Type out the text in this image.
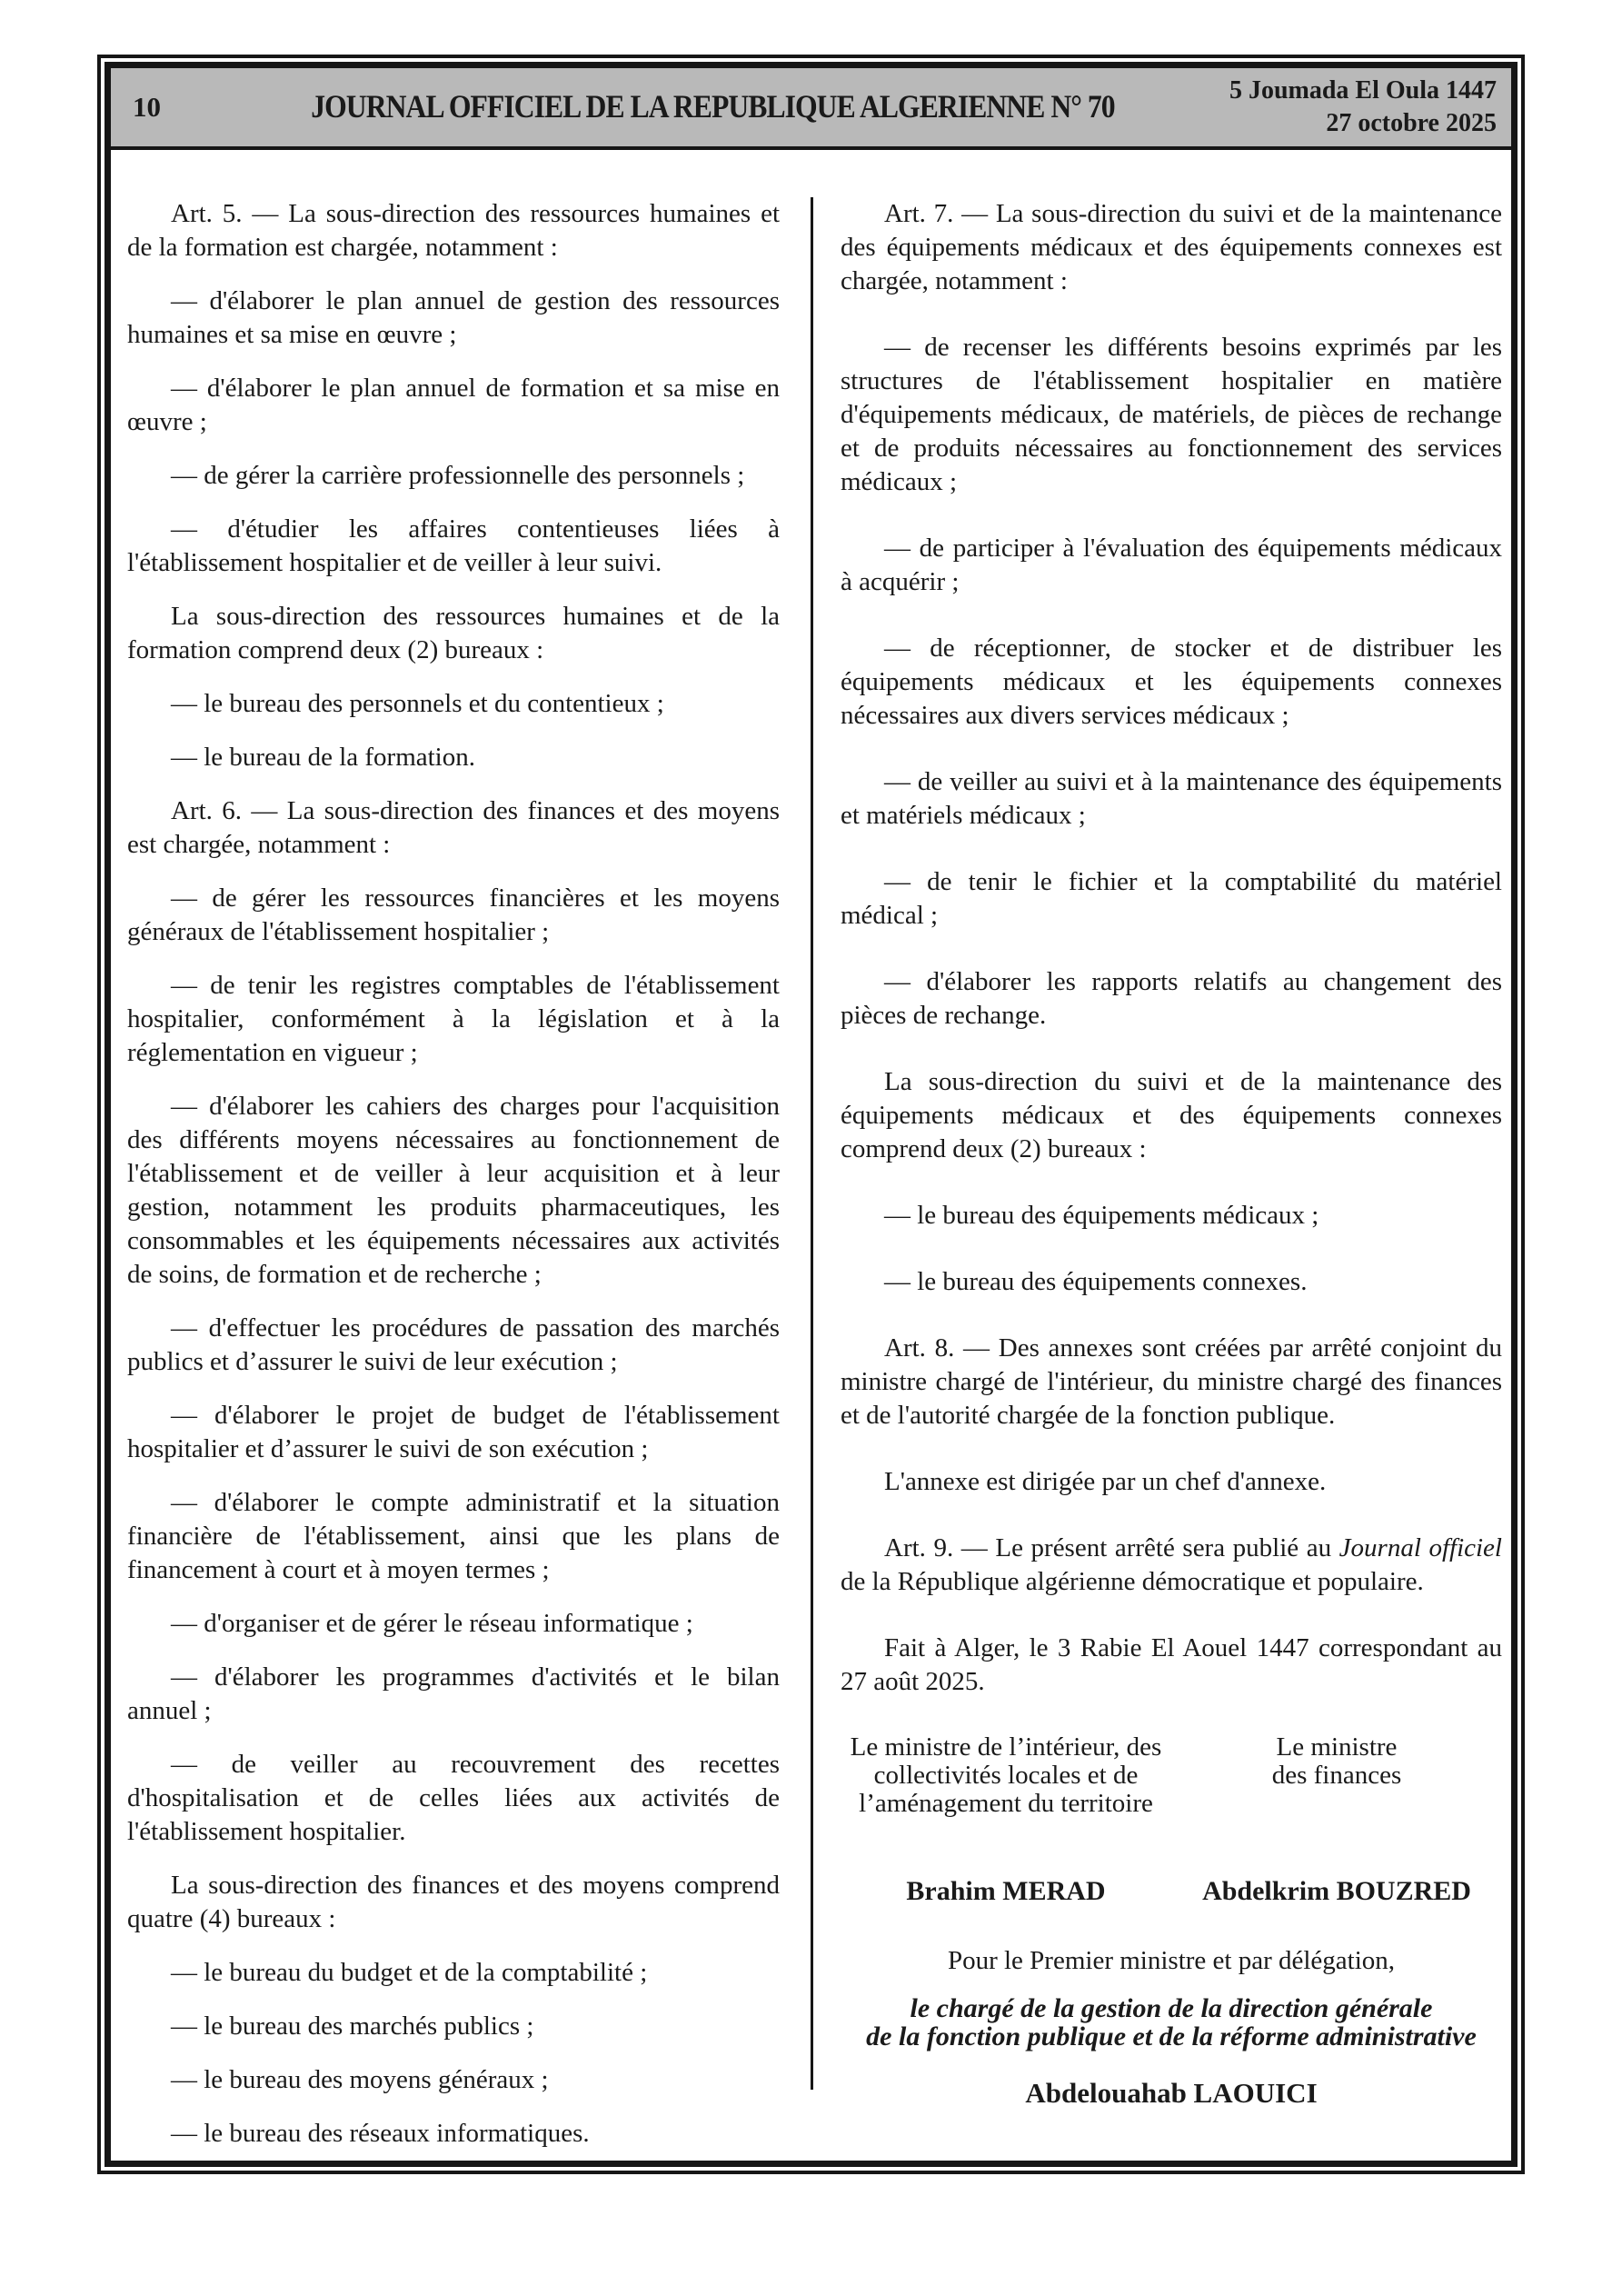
10	JOURNAL OFFICIEL DE LA REPUBLIQUE ALGERIENNE N° 70	5 Joumada El Oula 1447
27 octobre 2025

Art. 5. — La sous-direction des ressources humaines et de la formation est chargée, notamment :

— d'élaborer le plan annuel de gestion des ressources humaines et sa mise en œuvre ;

— d'élaborer le plan annuel de formation et sa mise en œuvre ;

— de gérer la carrière professionnelle des personnels ;

— d'étudier les affaires contentieuses liées à l'établissement hospitalier et de veiller à leur suivi.

La sous-direction des ressources humaines et de la formation comprend deux (2) bureaux :

— le bureau des personnels et du contentieux ;

— le bureau de la formation.

Art. 6. — La sous-direction des finances et des moyens est chargée, notamment :

— de gérer les ressources financières et les moyens généraux de l'établissement hospitalier ;

— de tenir les registres comptables de l'établissement hospitalier, conformément à la législation et à la réglementation en vigueur ;

— d'élaborer les cahiers des charges pour l'acquisition des différents moyens nécessaires au fonctionnement de l'établissement et de veiller à leur acquisition et à leur gestion, notamment les produits pharmaceutiques, les consommables et les équipements nécessaires aux activités de soins, de formation et de recherche ;

— d'effectuer les procédures de passation des marchés publics et d’assurer le suivi de leur exécution ;

— d'élaborer le projet de budget de l'établissement hospitalier et d’assurer le suivi de son exécution ;

— d'élaborer le compte administratif et la situation financière de l'établissement, ainsi que les plans de financement à court et à moyen termes ;

— d'organiser et de gérer le réseau informatique ;

— d'élaborer les programmes d'activités et le bilan annuel ;

— de veiller au recouvrement des recettes d'hospitalisation et de celles liées aux activités de l'établissement hospitalier.

La sous-direction des finances et des moyens comprend quatre (4) bureaux :

— le bureau du budget et de la comptabilité ;

— le bureau des marchés publics ;

— le bureau des moyens généraux ;

— le bureau des réseaux informatiques.

Art. 7. — La sous-direction du suivi et de la maintenance des équipements médicaux et des équipements connexes est chargée, notamment :

— de recenser les différents besoins exprimés par les structures de l'établissement hospitalier en matière d'équipements médicaux, de matériels, de pièces de rechange et de produits nécessaires au fonctionnement des services médicaux ;

— de participer à l'évaluation des équipements médicaux à acquérir ;

— de réceptionner, de stocker et de distribuer les équipements médicaux et les équipements connexes nécessaires aux divers services médicaux ;

— de veiller au suivi et à la maintenance des équipements et matériels médicaux ;

— de tenir le fichier et la comptabilité du matériel médical ;

— d'élaborer les rapports relatifs au changement des pièces de rechange.

La sous-direction du suivi et de la maintenance des équipements médicaux et des équipements connexes comprend deux (2) bureaux :

— le bureau des équipements médicaux ;

— le bureau des équipements connexes.

Art. 8. — Des annexes sont créées par arrêté conjoint du ministre chargé de l'intérieur, du ministre chargé des finances et de l'autorité chargée de la fonction publique.

L'annexe est dirigée par un chef d'annexe.

Art. 9. — Le présent arrêté sera publié au Journal officiel de la République algérienne démocratique et populaire.

Fait à Alger, le 3 Rabie El Aouel 1447 correspondant au 27 août 2025.

Le ministre de l’intérieur, des
collectivités locales et de
l’aménagement du territoire
Le ministre
des finances
Brahim MERAD	Abdelkrim BOUZRED
Pour le Premier ministre et par délégation,
le chargé de la gestion de la direction générale
de la fonction publique et de la réforme administrative
Abdelouahab LAOUICI
